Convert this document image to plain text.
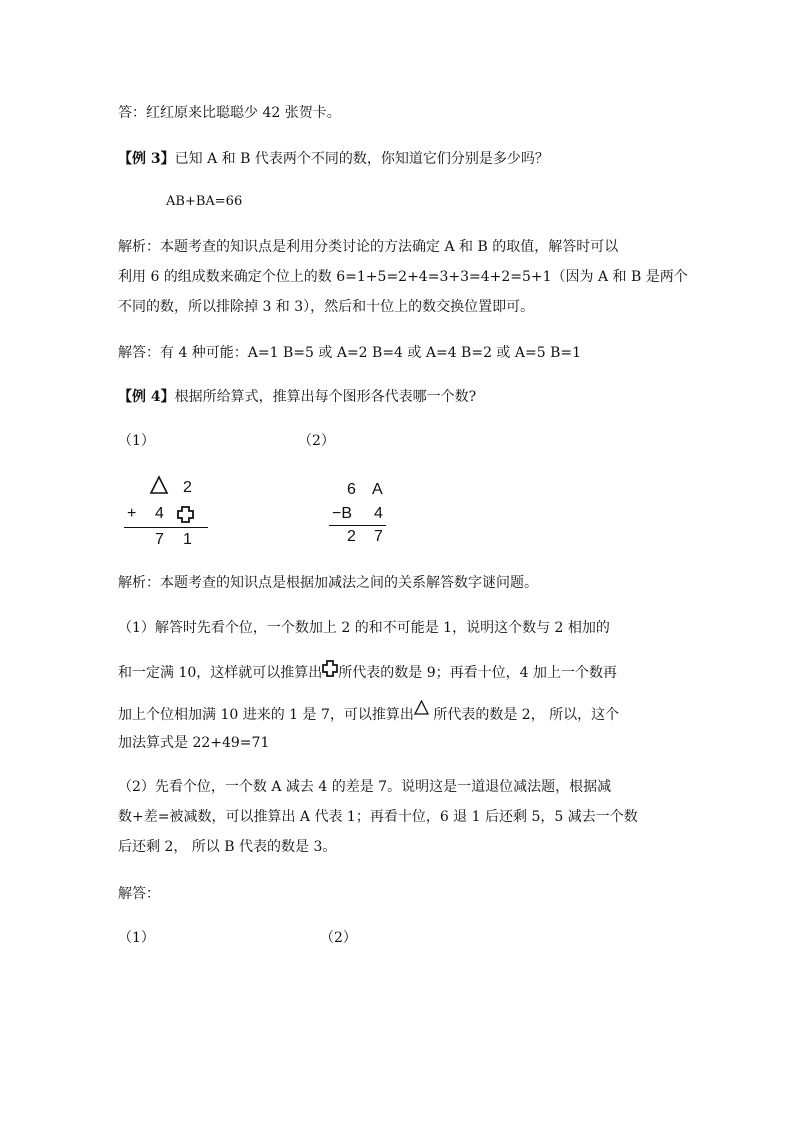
答：红红原来比聪聪少 42 张贺卡。

【例 3】已知 A 和 B 代表两个不同的数，你知道它们分别是多少吗？

AB+BA=66

解析：本题考查的知识点是利用分类讨论的方法确定 A 和 B 的取值，解答时可以

利用 6 的组成数来确定个位上的数 6=1+5=2+4=3+3=4+2=5+1（因为 A 和 B 是两个

不同的数，所以排除掉 3 和 3），然后和十位上的数交换位置即可。

解答：有 4 种可能：A=1 B=5 或 A=2 B=4 或 A=4 B=2 或 A=5 B=1

【例 4】根据所给算式，推算出每个图形各代表哪一个数?

（1）	（2）

2
+ 4
7 1
6 A
−B 4
2 7

解析：本题考查的知识点是根据加减法之间的关系解答数字谜问题。

（1）解答时先看个位，一个数加上 2 的和不可能是 1，说明这个数与 2 相加的

和一定满 10，这样就可以推算出 所代表的数是 9；再看十位，4 加上一个数再

加上个位相加满 10 进来的 1 是 7，可以推算出 所代表的数是 2， 所以，这个

加法算式是 22+49=71

（2）先看个位，一个数 A 减去 4 的差是 7。说明这是一道退位减法题，根据减

数+差=被减数，可以推算出 A 代表 1；再看十位，6 退 1 后还剩 5，5 减去一个数

后还剩 2， 所以 B 代表的数是 3。

解答：

（1）	（2）
